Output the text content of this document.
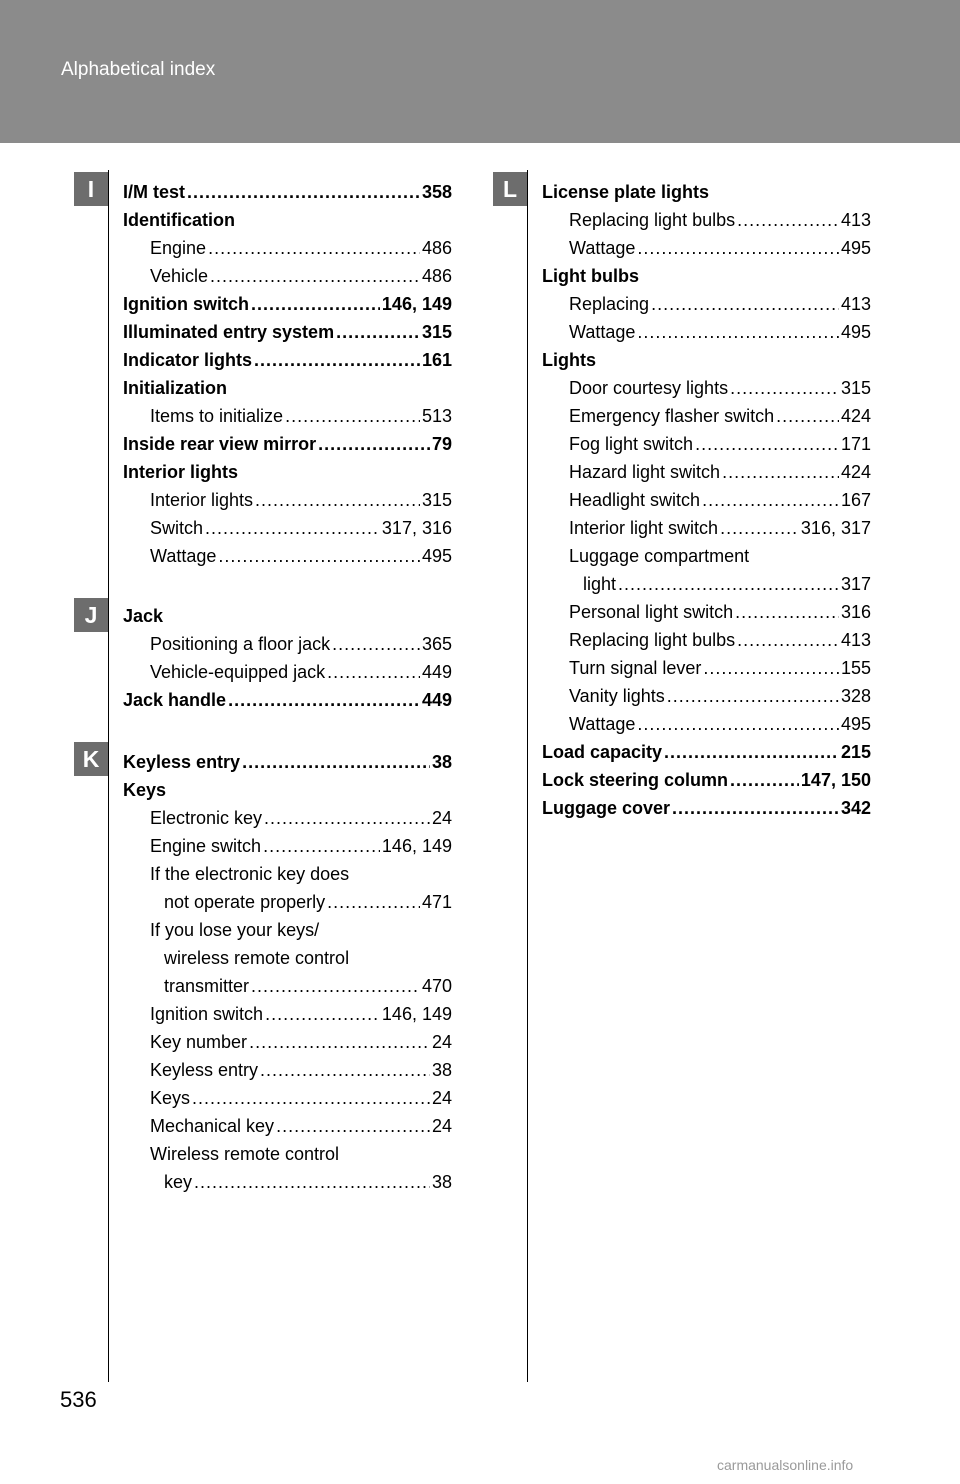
Alphabetical index
I
J
K
L
I/M test .....	358
Identification
Engine .....	486
Vehicle .....	486
Ignition switch .....	146, 149
Illuminated entry system .....	315
Indicator lights .....	161
Initialization
Items to initialize .....	513
Inside rear view mirror .....	79
Interior lights
Interior lights .....	315
Switch .....	317, 316
Wattage .....	495
Jack
Positioning a floor jack .....	365
Vehicle-equipped jack .....	449
Jack handle .....	449
Keyless entry .....	38
Keys
Electronic key .....	24
Engine switch .....	146, 149
If the electronic key does
not operate properly .....	471
If you lose your keys/
wireless remote control
transmitter .....	470
Ignition switch .....	146, 149
Key number .....	24
Keyless entry .....	38
Keys .....	24
Mechanical key .....	24
Wireless remote control
key .....	38
License plate lights
Replacing light bulbs .....	413
Wattage .....	495
Light bulbs
Replacing .....	413
Wattage .....	495
Lights
Door courtesy lights .....	315
Emergency flasher switch .....	424
Fog light switch .....	171
Hazard light switch .....	424
Headlight switch .....	167
Interior light switch .....	316, 317
Luggage compartment
light .....	317
Personal light switch .....	316
Replacing light bulbs .....	413
Turn signal lever .....	155
Vanity lights .....	328
Wattage .....	495
Load capacity .....	215
Lock steering column .....	147, 150
Luggage cover .....	342
536
carmanualsonline.info
